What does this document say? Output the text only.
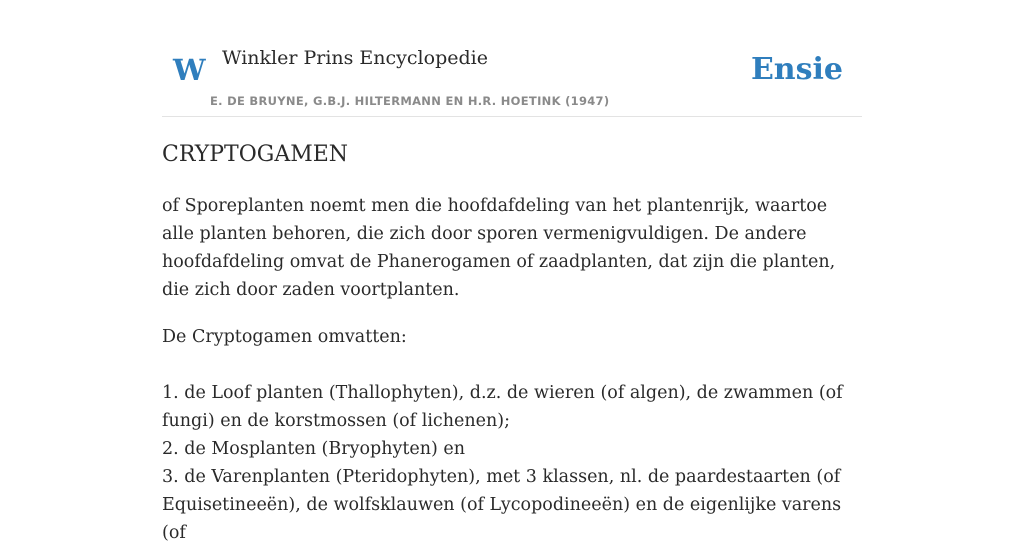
W Winkler Prins Encyclopedie
E. DE BRUYNE, G.B.J. HILTERMANN EN H.R. HOETINK (1947)
Ensie
CRYPTOGAMEN

of Sporeplanten noemt men die hoofdafdeling van het plantenrijk, waartoe alle planten behoren, die zich door sporen vermenigvuldigen. De andere hoofdafdeling omvat de Phanerogamen of zaadplanten, dat zijn die planten, die zich door zaden voortplanten.

De Cryptogamen omvatten:

1. de Loof planten (Thallophyten), d.z. de wieren (of algen), de zwammen (of fungi) en de korstmossen (of lichenen);
2. de Mosplanten (Bryophyten) en
3. de Varenplanten (Pteridophyten), met 3 klassen, nl. de paardestaarten (of Equisetineeën), de wolfsklauwen (of Lycopodineeën) en de eigenlijke varens (of
